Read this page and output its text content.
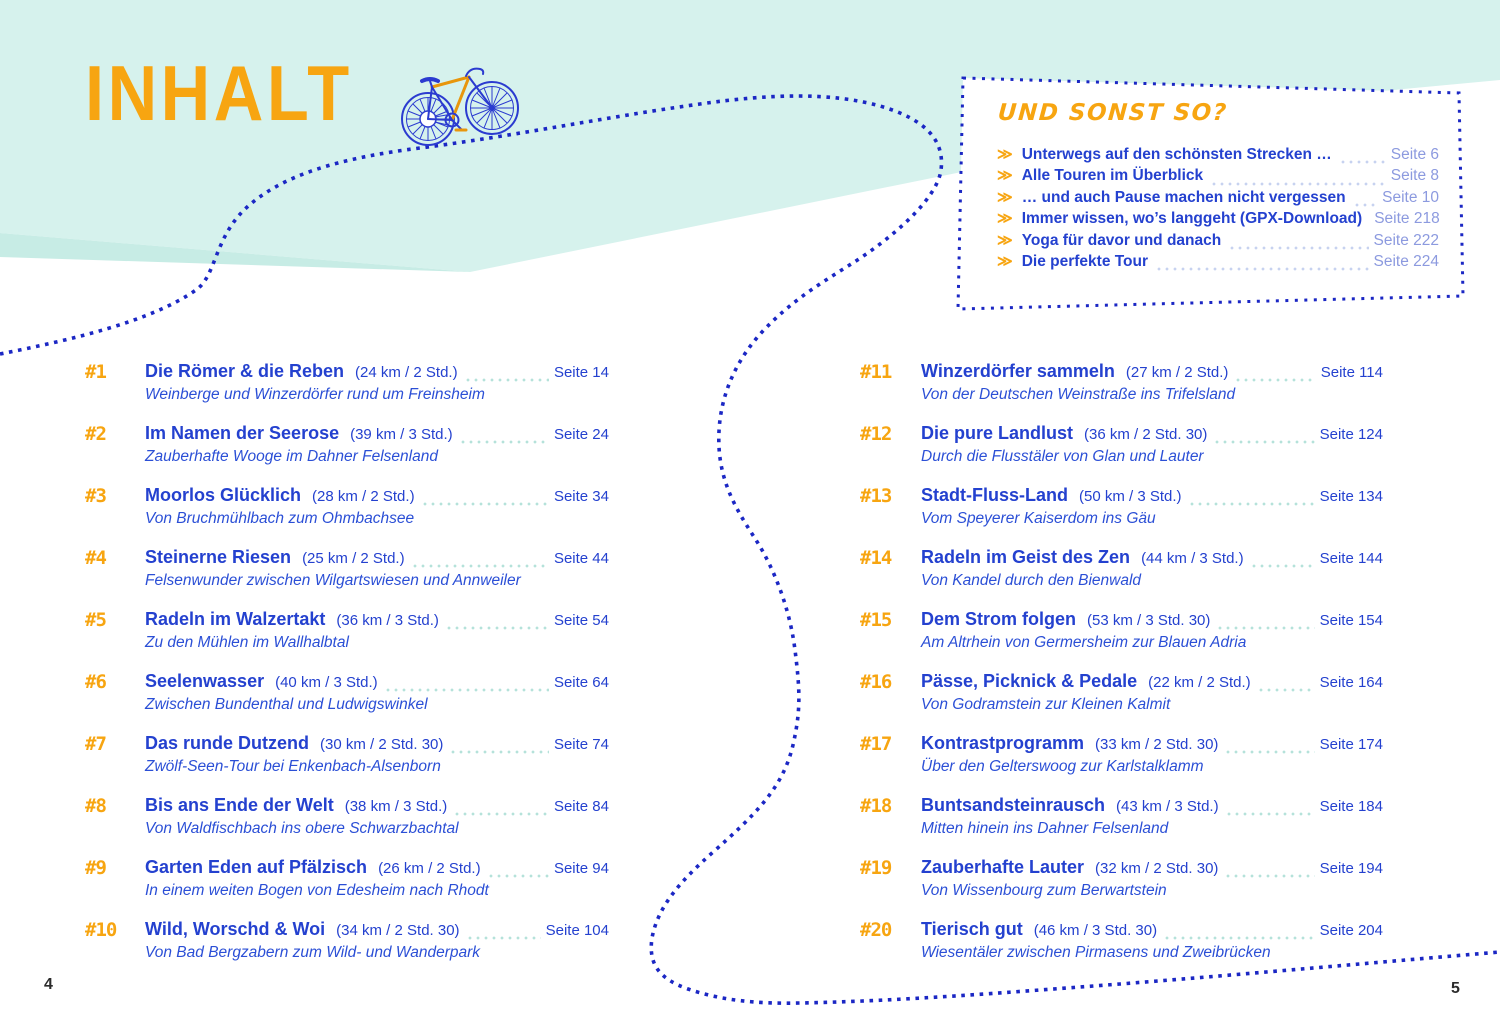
INHALT	UND SONST SO?
≫ Unterwegs auf den schönsten Strecken …	Seite 6
≫ Alle Touren im Überblick	Seite 8
≫ … und auch Pause machen nicht vergessen Seite 10
≫ Immer wissen, wo’s langgeht (GPX-Download) Seite 218
≫ Yoga für davor und danach	Seite 222
≫ Die perfekte Tour	Seite 224
#1	Die Römer & die Reben (24 km / 2 Std.)	Seite 14
Weinberge und Winzerdörfer rund um Freinsheim
#2	Im Namen der Seerose (39 km / 3 Std.)	Seite 24
Zauberhafte Wooge im Dahner Felsenland
#3	Moorlos Glücklich (28 km / 2 Std.)	Seite 34
Von Bruchmühlbach zum Ohmbachsee
#4	Steinerne Riesen (25 km / 2 Std.)	Seite 44
Felsenwunder zwischen Wilgartswiesen und Annweiler
#5	Radeln im Walzertakt (36 km / 3 Std.)	Seite 54
Zu den Mühlen im Wallhalbtal
#6	Seelenwasser (40 km / 3 Std.)	Seite 64
Zwischen Bundenthal und Ludwigswinkel
#7	Das runde Dutzend (30 km / 2 Std. 30)	Seite 74
Zwölf-Seen-Tour bei Enkenbach-Alsenborn
#8	Bis ans Ende der Welt (38 km / 3 Std.)	Seite 84
Von Waldfischbach ins obere Schwarzbachtal
#9	Garten Eden auf Pfälzisch (26 km / 2 Std.)	Seite 94
In einem weiten Bogen von Edesheim nach Rhodt
#10	Wild, Worschd & Woi (34 km / 2 Std. 30)	Seite 104
Von Bad Bergzabern zum Wild- und Wanderpark
#11	Winzerdörfer sammeln (27 km / 2 Std.)	Seite 114
Von der Deutschen Weinstraße ins Trifelsland
#12	Die pure Landlust (36 km / 2 Std. 30)	Seite 124
Durch die Flusstäler von Glan und Lauter
#13	Stadt-Fluss-Land (50 km / 3 Std.)	Seite 134
Vom Speyerer Kaiserdom ins Gäu
#14	Radeln im Geist des Zen (44 km / 3 Std.)	Seite 144
Von Kandel durch den Bienwald
#15	Dem Strom folgen (53 km / 3 Std. 30)	Seite 154
Am Altrhein von Germersheim zur Blauen Adria
#16	Pässe, Picknick & Pedale (22 km / 2 Std.)	Seite 164
Von Godramstein zur Kleinen Kalmit
#17	Kontrastprogramm (33 km / 2 Std. 30)	Seite 174
Über den Gelterswoog zur Karlstalklamm
#18	Buntsandsteinrausch (43 km / 3 Std.)	Seite 184
Mitten hinein ins Dahner Felsenland
#19	Zauberhafte Lauter (32 km / 2 Std. 30)	Seite 194
Von Wissenbourg zum Berwartstein
#20	Tierisch gut (46 km / 3 Std. 30)	Seite 204
Wiesentäler zwischen Pirmasens und Zweibrücken
4	5
